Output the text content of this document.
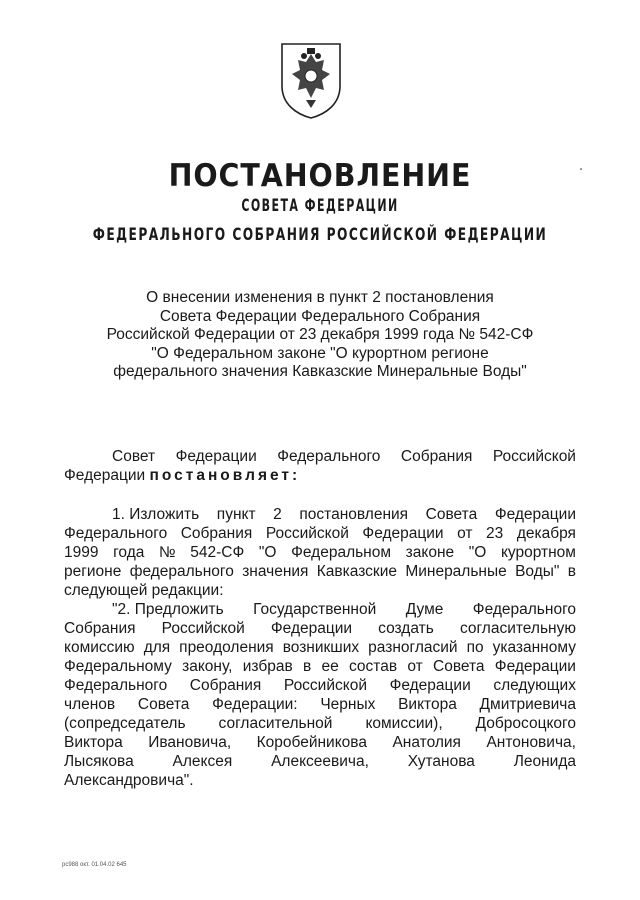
ПОСТАНОВЛЕНИЕ
СОВЕТА ФЕДЕРАЦИИ
ФЕДЕРАЛЬНОГО СОБРАНИЯ РОССИЙСКОЙ ФЕДЕРАЦИИ
О внесении изменения в пункт 2 постановления
Совета Федерации Федерального Собрания
Российской Федерации от 23 декабря 1999 года № 542-СФ
"О Федеральном законе "О курортном регионе
федерального значения Кавказские Минеральные Воды"
Совет Федерации Федерального Собрания Российской
Федерации
постановляет:
1. Изложить пункт 2 постановления Совета Федерации
Федерального Собрания Российской Федерации от 23 декабря
1999 года № 542-СФ "О Федеральном законе "О курортном
регионе федерального значения Кавказские Минеральные Воды" в
следующей редакции:
"2. Предложить Государственной Думе Федерального
Собрания Российской Федерации создать согласительную
комиссию для преодоления возникших разногласий по указанному
Федеральному закону, избрав в ее состав от Совета Федерации
Федерального Собрания Российской Федерации следующих
членов Совета Федерации: Черных Виктора Дмитриевича
(сопредседатель согласительной комиссии), Добросоцкого
Виктора Ивановича, Коробейникова Анатолия Антоновича,
Лысякова	Алексея	Алексеевича,	Хутанова	Леонида
Александровича".
рс988 окт. 01.04.02 645
